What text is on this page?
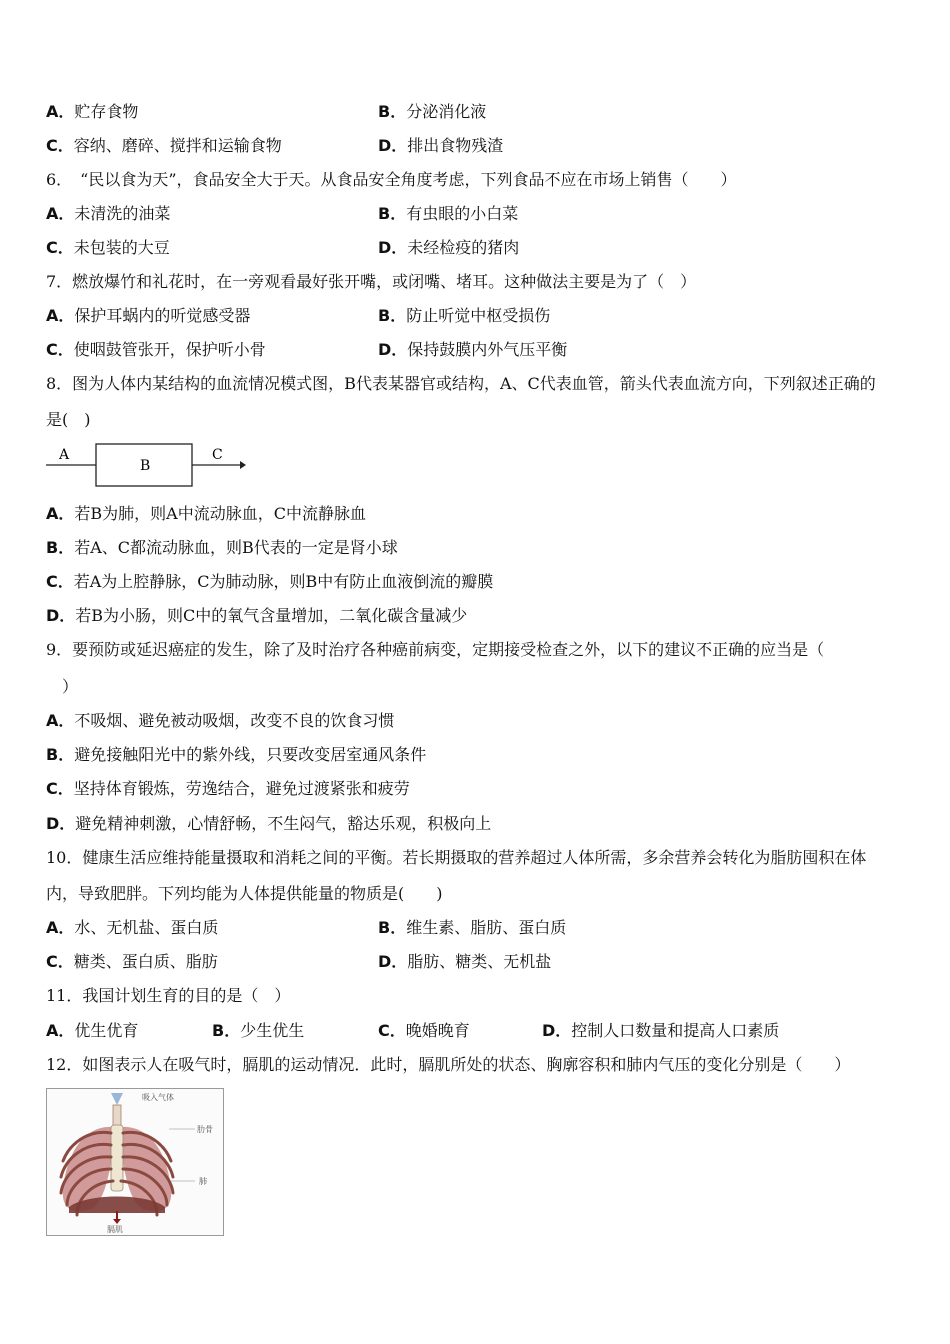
A．贮存食物	B．分泌消化液
C．容纳、磨碎、搅拌和运输食物	D．排出食物残渣
6．　“民以食为天”，食品安全大于天。从食品安全角度考虑，下列食品不应在市场上销售（　　）
A．未清洗的油菜	B．有虫眼的小白菜
C．未包装的大豆	D．未经检疫的猪肉
7．燃放爆竹和礼花时，在一旁观看最好张开嘴，或闭嘴、堵耳。这种做法主要是为了（　）
A．保护耳蜗内的听觉感受器	B．防止听觉中枢受损伤
C．使咽鼓管张开，保护听小骨	D．保持鼓膜内外气压平衡
8．图为人体内某结构的血流情况模式图，B代表某器官或结构，A、C代表血管，箭头代表血流方向，下列叙述正确的
是(　)
A
B
C
A．若B为肺，则A中流动脉血，C中流静脉血
B．若A、C都流动脉血，则B代表的一定是肾小球
C．若A为上腔静脉，C为肺动脉，则B中有防止血液倒流的瓣膜
D．若B为小肠，则C中的氧气含量增加，二氧化碳含量减少
9．要预防或延迟癌症的发生，除了及时治疗各种癌前病变，定期接受检查之外，以下的建议不正确的应当是（
）
A．不吸烟、避免被动吸烟，改变不良的饮食习惯
B．避免接触阳光中的紫外线，只要改变居室通风条件
C．坚持体育锻炼，劳逸结合，避免过渡紧张和疲劳
D．避免精神刺激，心情舒畅，不生闷气，豁达乐观，积极向上
10．健康生活应维持能量摄取和消耗之间的平衡。若长期摄取的营养超过人体所需，多余营养会转化为脂肪囤积在体
内，导致肥胖。下列均能为人体提供能量的物质是(　　)
A．水、无机盐、蛋白质	B．维生素、脂肪、蛋白质
C．糖类、蛋白质、脂肪	D．脂肪、糖类、无机盐
11．我国计划生育的目的是（　）
A．优生优育	B．少生优生	C．晚婚晚育	D．控制人口数量和提高人口素质
12．如图表示人在吸气时，膈肌的运动情况．此时，膈肌所处的状态、胸廓容积和肺内气压的变化分别是（　　）
吸入气体
膈肌
肋骨
肺
